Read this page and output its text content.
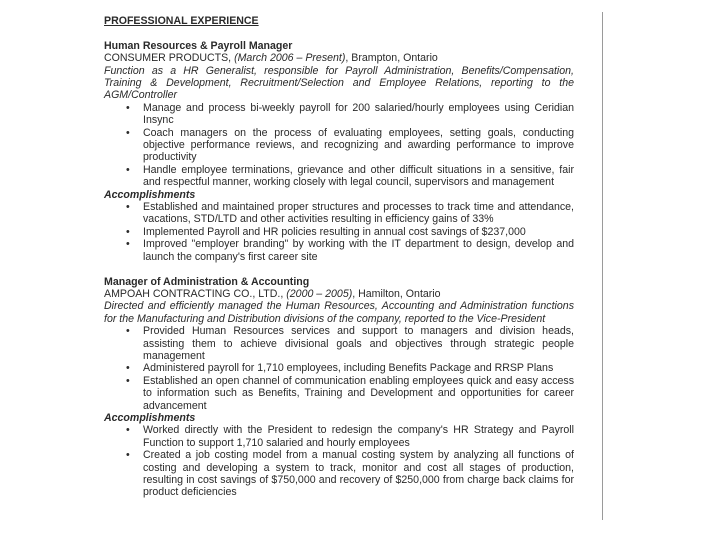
PROFESSIONAL EXPERIENCE
Human Resources & Payroll Manager
CONSUMER PRODUCTS, (March 2006 – Present), Brampton, Ontario
Function as a HR Generalist, responsible for Payroll Administration, Benefits/Compensation, Training & Development, Recruitment/Selection and Employee Relations, reporting to the AGM/Controller
• Manage and process bi-weekly payroll for 200 salaried/hourly employees using Ceridian Insync
• Coach managers on the process of evaluating employees, setting goals, conducting objective performance reviews, and recognizing and awarding performance to improve productivity
• Handle employee terminations, grievance and other difficult situations in a sensitive, fair and respectful manner, working closely with legal council, supervisors and management
Accomplishments
• Established and maintained proper structures and processes to track time and attendance, vacations, STD/LTD and other activities resulting in efficiency gains of 33%
• Implemented Payroll and HR policies resulting in annual cost savings of $237,000
• Improved "employer branding" by working with the IT department to design, develop and launch the company's first career site
Manager of Administration & Accounting
AMPOAH CONTRACTING CO., LTD., (2000 – 2005), Hamilton, Ontario
Directed and efficiently managed the Human Resources, Accounting and Administration functions for the Manufacturing and Distribution divisions of the company, reported to the Vice-President
• Provided Human Resources services and support to managers and division heads, assisting them to achieve divisional goals and objectives through strategic people management
• Administered payroll for 1,710 employees, including Benefits Package and RRSP Plans
• Established an open channel of communication enabling employees quick and easy access to information such as Benefits, Training and Development and opportunities for career advancement
Accomplishments
• Worked directly with the President to redesign the company's HR Strategy and Payroll Function to support 1,710 salaried and hourly employees
• Created a job costing model from a manual costing system by analyzing all functions of costing and developing a system to track, monitor and cost all stages of production, resulting in cost savings of $750,000 and recovery of $250,000 from charge back claims for product deficiencies
